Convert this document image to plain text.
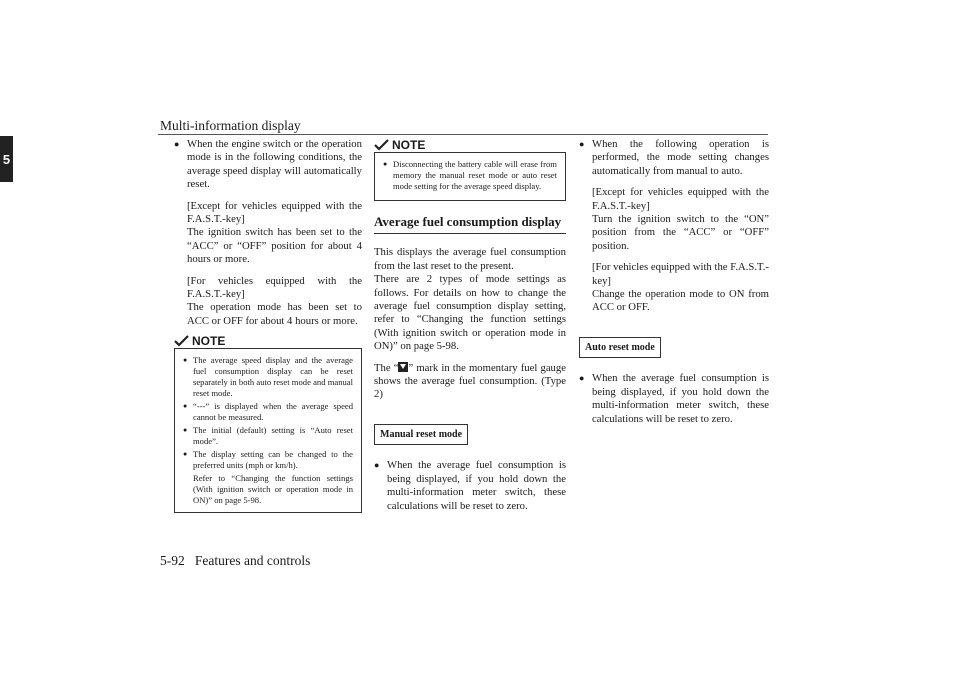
Multi-information display
5

● When the engine switch or the operation mode is in the following conditions, the average speed display will automatically reset.

[Except for vehicles equipped with the F.A.S.T.-key]

The ignition switch has been set to the “ACC” or “OFF” position for about 4 hours or more.

[For vehicles equipped with the F.A.S.T.-key]

The operation mode has been set to ACC or OFF for about 4 hours or more.

NOTE
● The average speed display and the average fuel consumption display can be reset separately in both auto reset mode and manual reset mode.
● “---” is displayed when the average speed cannot be measured.
● The initial (default) setting is “Auto reset mode”.
● The display setting can be changed to the preferred units (mph or km/h).
Refer to “Changing the function settings (With ignition switch or operation mode in ON)” on page 5-98.
NOTE
● Disconnecting the battery cable will erase from memory the manual reset mode or auto reset mode setting for the average speed display.
Average fuel consumption display

This displays the average fuel consumption from the last reset to the present.

There are 2 types of mode settings as follows. For details on how to change the average fuel consumption display setting, refer to “Changing the function settings (With ignition switch or operation mode in ON)” on page 5-98.

The “ ” mark in the momentary fuel gauge shows the average fuel consumption. (Type 2)

Manual reset mode

● When the average fuel consumption is being displayed, if you hold down the multi-information meter switch, these calculations will be reset to zero.

● When the following operation is performed, the mode setting changes automatically from manual to auto.

[Except for vehicles equipped with the F.A.S.T.-key]

Turn the ignition switch to the “ON” position from the “ACC” or “OFF” position.

[For vehicles equipped with the F.A.S.T.-key]

Change the operation mode to ON from ACC or OFF.

Auto reset mode

● When the average fuel consumption is being displayed, if you hold down the multi-information meter switch, these calculations will be reset to zero.

5-92 Features and controls
